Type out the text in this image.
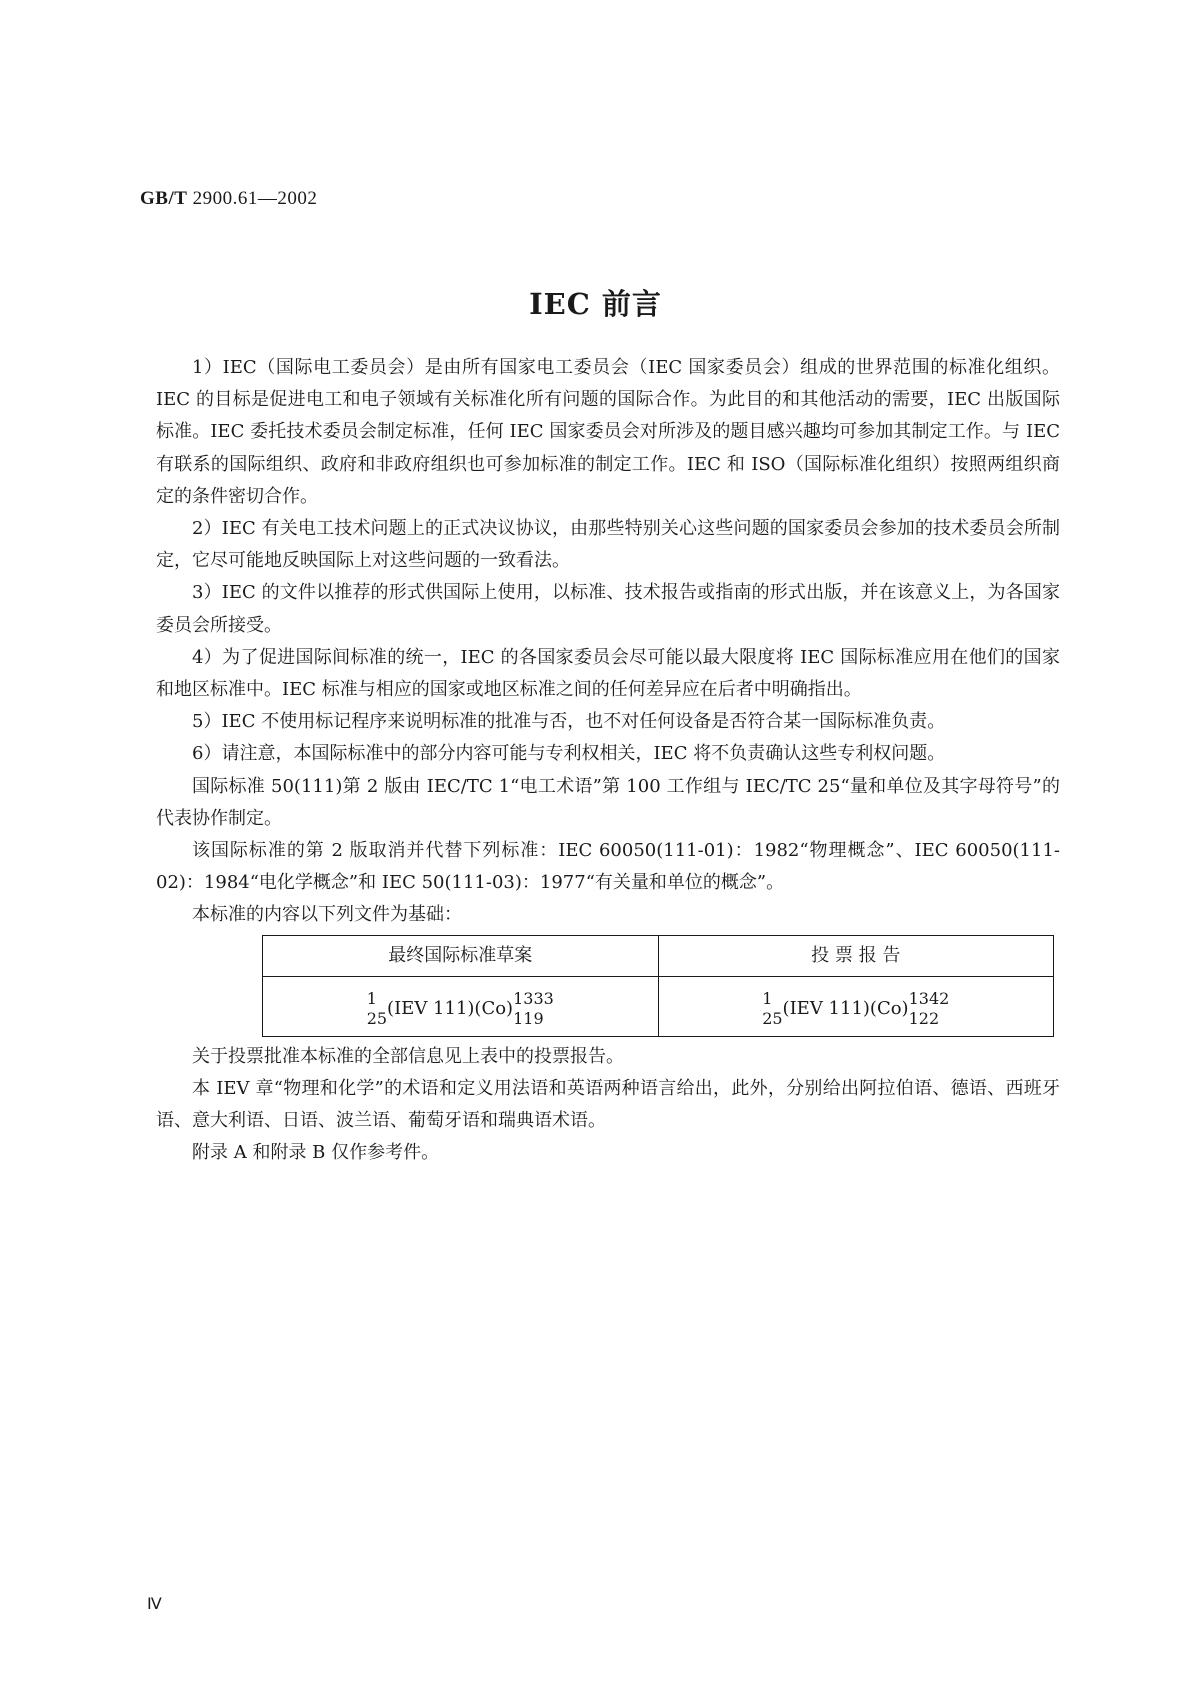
GB/T 2900.61—2002
IEC 前言

1）IEC（国际电工委员会）是由所有国家电工委员会（IEC 国家委员会）组成的世界范围的标准化组织。IEC 的目标是促进电工和电子领域有关标准化所有问题的国际合作。为此目的和其他活动的需要，IEC 出版国际标准。IEC 委托技术委员会制定标准，任何 IEC 国家委员会对所涉及的题目感兴趣均可参加其制定工作。与 IEC 有联系的国际组织、政府和非政府组织也可参加标准的制定工作。IEC 和 ISO（国际标准化组织）按照两组织商定的条件密切合作。

2）IEC 有关电工技术问题上的正式决议协议，由那些特别关心这些问题的国家委员会参加的技术委员会所制定，它尽可能地反映国际上对这些问题的一致看法。

3）IEC 的文件以推荐的形式供国际上使用，以标准、技术报告或指南的形式出版，并在该意义上，为各国家委员会所接受。

4）为了促进国际间标准的统一，IEC 的各国家委员会尽可能以最大限度将 IEC 国际标准应用在他们的国家和地区标准中。IEC 标准与相应的国家或地区标准之间的任何差异应在后者中明确指出。

5）IEC 不使用标记程序来说明标准的批准与否，也不对任何设备是否符合某一国际标准负责。

6）请注意，本国际标准中的部分内容可能与专利权相关，IEC 将不负责确认这些专利权问题。

国际标准 50(111)第 2 版由 IEC/TC 1“电工术语”第 100 工作组与 IEC/TC 25“量和单位及其字母符号”的代表协作制定。

该国际标准的第 2 版取消并代替下列标准：IEC 60050(111-01)：1982“物理概念”、IEC 60050(111-02)：1984“电化学概念”和 IEC 50(111-03)：1977“有关量和单位的概念”。

本标准的内容以下列文件为基础：

最终国际标准草案	投 票 报 告

1
25 (IEV 111)(Co) 1333
119	1
25 (IEV 111)(Co) 1342
122

关于投票批准本标准的全部信息见上表中的投票报告。

本 IEV 章“物理和化学”的术语和定义用法语和英语两种语言给出，此外，分别给出阿拉伯语、德语、西班牙语、意大利语、日语、波兰语、葡萄牙语和瑞典语术语。

附录 A 和附录 B 仅作参考件。

Ⅳ
